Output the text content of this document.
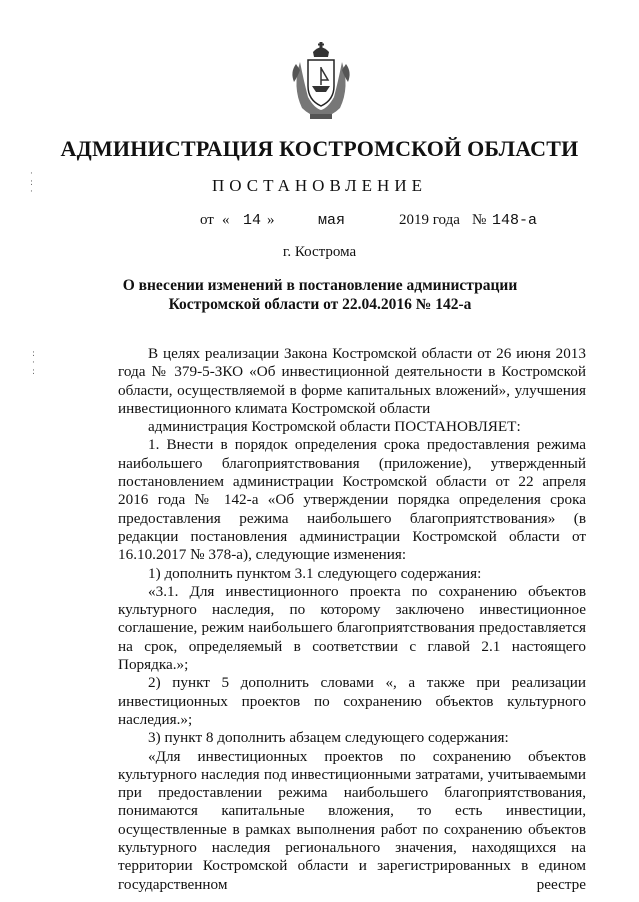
АДМИНИСТРАЦИЯ КОСТРОМСКОЙ ОБЛАСТИ
ПОСТАНОВЛЕНИЕ
от « 14 »	мая	2019 года № 148-а
г. Кострома
О внесении изменений в постановление администрации
Костромской области от 22.04.2016 № 142-а

В целях реализации Закона Костромской области от 26 июня 2013 года № 379-5-ЗКО «Об инвестиционной деятельности в Костромской области, осуществляемой в форме капитальных вложений», улучшения инвестиционного климата Костромской области

администрация Костромской области ПОСТАНОВЛЯЕТ:

1. Внести в порядок определения срока предоставления режима наибольшего благоприятствования (приложение), утвержденный постановлением администрации Костромской области от 22 апреля 2016 года № 142-а «Об утверждении порядка определения срока предоставления режима наибольшего благоприятствования» (в редакции постановления администрации Костромской области от 16.10.2017 № 378-а), следующие изменения:

1) дополнить пунктом 3.1 следующего содержания:

«3.1. Для инвестиционного проекта по сохранению объектов культурного наследия, по которому заключено инвестиционное соглашение, режим наибольшего благоприятствования предоставляется на срок, определяемый в соответствии с главой 2.1 настоящего Порядка.»;

2) пункт 5 дополнить словами «, а также при реализации инвестиционных проектов по сохранению объектов культурного наследия.»;

3) пункт 8 дополнить абзацем следующего содержания:

«Для инвестиционных проектов по сохранению объектов культурного наследия под инвестиционными затратами, учитываемыми при предоставлении режима наибольшего благоприятствования, понимаются капитальные вложения, то есть инвестиции, осуществленные в рамках выполнения работ по сохранению объектов культурного наследия регионального значения, находящихся на территории Костромской области и зарегистрированных в едином государственном реестре

·
:
·
:
·
:
